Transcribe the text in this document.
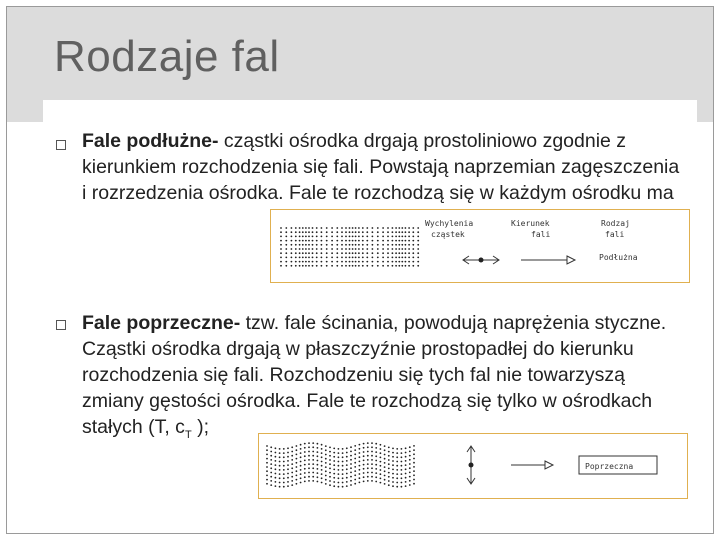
Rodzaje fal
Fale podłużne- cząstki ośrodka drgają prostoliniowo zgodnie z kierunkiem rozchodzenia się fali. Powstają naprzemian zagęszczenia i rozrzedzenia ośrodka. Fale te rozchodzą się w każdym ośrodku ma
Wychylenia
cząstek
Kierunek
fali
Rodzaj
fali
Podłużna
Fale poprzeczne- tzw. fale ścinania, powodują naprężenia styczne. Cząstki ośrodka drgają w płaszczyźnie prostopadłej do kierunku rozchodzenia się fali. Rozchodzeniu się tych fal nie towarzyszą zmiany gęstości ośrodka. Fale te rozchodzą się tylko w ośrodkach stałych (T, $c_T$ );
Poprzeczna
